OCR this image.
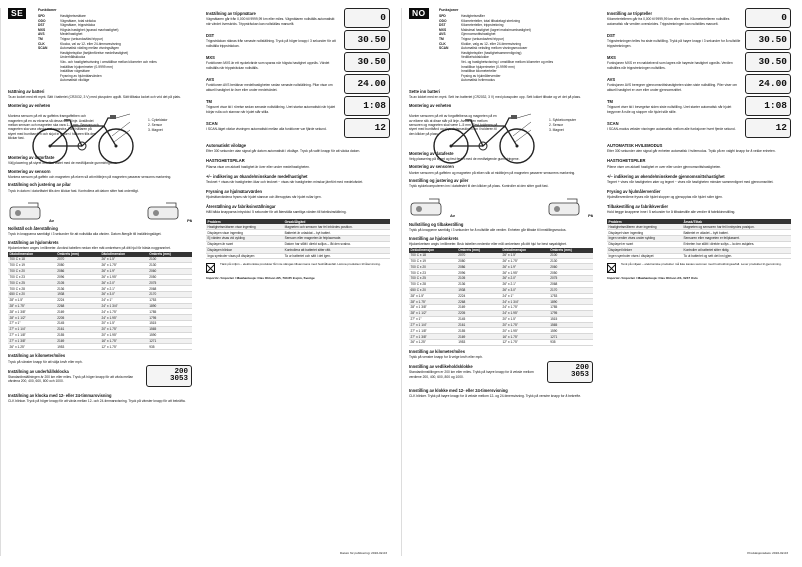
SE	Funktioner
SPD	Hastighetsmätare
ODO	Vägmätare, total sträcka
DST	Vägmätare, trippsträcka
MXS	Högsta hastighet (sparad maxhastighet)
AVS	Medelhastighet
TM	Trippur (sekundavläst trippur)
CLK	Klocka, val av 12- eller 24-timmarsvisning
SCAN	Automatisk växling mellan visningslägen
Hastighetspilar (fartjämförelse medelhastighet)
Underhållsklocka
Väx- och hastighetsvisning i omställbar mellan kilometer och miles
Inställbar hjulperimeter (0-9999 mm)
Inställbar vägmätare
Frysning av hjulmätarvärden
Automatiskt viloläge
Isättning av batteri

Ta av locket med ett mynt. Sätt i batteriet (CR2032, 3 V) med pluspolen uppåt. Sätt tillbaka locket och vrid det på plats.

Montering av enheten
1. Cykeldator
2. Sensor
3. Magnet

Montera sensorn på ett av gaffelns framgaffelben och magneten på en av ekrarna så dessa står i linje. Avståndet mellan sensorn och magneten ska vara 1–5 mm. Sensorn och magneten ska vara vända mot varandra. Fäst hållaren på styret med buntbanden och skjut in datorn i hållaren tills den klickar fast.

Montering av datorfäste

Välj placering på styret och fäst fästet med de medföljande gummiringarna.

Montering av sensorn

Montera sensorn på gaffeln och magneten på ekern så att mittlinjen på magneten passerar sensorns markering.

Inställning och justering av pilar

Tryck in datorn i datorfästet tills den klickar fast. Kontrollera att datorn sitter fast ordentligt.

Av	På
Nollställ och återställning

Tryck in knapparna samtidigt i 3 sekunder för att nollställa alla värden. Datorn återgår till inställningsläget.

Inställning av hjulomkrets

Hjulomkretsen anges i millimeter. Använd tabellen nedan eller mät omkretsen på ditt hjul för bästa noggrannhet.

Däckdimension	Omkrets (mm)	Däckdimension	Omkrets (mm)
700 C x 18	2070	26" x 1.5"	2100
700 C x 19	2080	26" x 1.75"	2130
700 C x 20	2086	26" x 1.9"	2060
700 C x 23	2096	26" x 1.95"	2050
700 C x 25	2105	26" x 2.0"	2075
700 C x 28	2136	26" x 2.1"	2068
650 C x 20	1938	26" x 3.0"	2170
28" x 1.5"	2224	24" x 1"	1753
28" x 1.75"	2268	24" x 1 3/4"	1890
28" x 1 3/8"	2169	24" x 1.75"	1785
28" x 1 1/2"	2205	24" x 1.95"	1795
27" x 1"	2145	20" x 1.5"	1515
27" x 1 1/4"	2161	20" x 1.75"	1565
27" x 1 1/8"	2155	20" x 1.95"	1590
27" x 1 3/8"	2169	16" x 1.75"	1271
26" x 1.25"	1953	12" x 1.75"	935
Inställning av kilometer/miles

Tryck på vänster knapp för att välja km/h eller mph.

200
3053
Inställning av underhållsklocka

Standardinställningen är 200 km eller miles. Tryck på höger knapp för att växla mellan värdena 200, 400, 600, 800 och 1000.

Inställning av klocka med 12- eller 24-timmarsvisning

CLK blinkar. Tryck på höger knapp för att växla mellan 12- och 24-timmarsvisning. Tryck på vänster knapp för att bekräfta.

0
Inställning av trippmätare

Vägmätaren går från 0,000 till 9999,99 km eller miles. Vägmätaren nollställs automatiskt när värdet överskrids. Trippsträckan kan nollställas manuellt.

30.50
DST

Trippsträckan räknas från senaste nollställning. Tryck på höger knapp i 3 sekunder för att nollställa trippsträckan.

30.50
MXS

Funktionen MXS är ett nyckelvärde som sparas när högsta hastighet uppnås. Värdet nollställs när trippsträckan nollställs.

24.00
AVS

Funktionen AVS beräknar medelhastigheten sedan senaste nollställning. Pilar visar om aktuell hastighet är över eller under medelvärdet.

1:08
TM

Trippuret visar tid i rörelse sedan senaste nollställning. Uret startar automatiskt när hjulet börjar rulla och stannar när hjulet står stilla.

12
SCAN

I SCAN-läget växlar visningen automatiskt mellan alla funktioner var fjärde sekund.

Automatiskt viloläge

Efter 300 sekunder utan signal går datorn automatiskt i viloläge. Tryck på valfri knapp för att väcka datorn.

HASTIGHETSPILAR

Pilarna visar om aktuell hastighet är över eller under medelhastigheten.

+/− indikering av ökande/minskande medelhastighet

Tecknet + visas när hastigheten ökar och tecknet − visas när hastigheten minskar jämfört med medelvärdet.

Frysning av hjulmätarvärden

Hjulmätarvärdena fryses när hjulet stannar och återupptas när hjulet rullar igen.

Återställning av fabriksinställningar

Håll båda knapparna intryckta i 5 sekunder för att återställa samtliga värden till fabriksinställning.

Problem	Orsak/Åtgärd
Hastighetsmätaren visar ingenting	Magneten och sensorn har fel inbördes position.
Displayen visar ingenting	Batteriet är urladdat – byt batteri.
Ej värden visas vid cykling	Sensorn eller magneten är felplacerade.
Displayen är svart	Datorn har stått i direkt solljus – låt den svalna.
Displayen blinkar	Kontrollera att batteriet sitter rätt.
Inga symboler visas på displayen	Ta ur batteriet och sätt i det igen.
Tänk på miljön – elektroniska produkter får inte slängas tillsammans med hushållsavfall. Lämna produkten till återvinning.

Importör / Importør / Maahantuoja: Clas Ohlson AB, 793 85 Insjön, Sverige

Datum för publicering: 2016-02-03
NO	Funksjoner
SPD	Hastighetsmåler
ODO	Kilometerteller, total tilbakelagt strekning
DST	Kilometerteller, trippstrekning
MXS	Maksimal hastighet (lagret maksimumhastighet)
AVS	Gjennomsnittshastighet
TM	Trippur (sekundavlest trippur)
CLK	Klokke, valg av 12- eller 24-timersvisning
SCAN	Automatisk veksling mellom visningsmoduser
Hastighetspiler (hastighetsammenligning)
Vedlikeholdsklokke
Vei- og hastighetsvisning i omstillbar mellom kilometer og miles
Innstillbar hjulperimeter (0-9999 mm)
Innstillbar kilometerteller
Frysing av hjulmålerverdier
Automatisk hvilemodus
Sette inn batteri

Ta av lokket med en mynt. Sett inn batteriet (CR2032, 3 V) med plusspolen opp. Sett lokket tilbake og vri det på plass.

Montering av enheten
1. Sykkelcomputer
2. Sensor
3. Magnet

Monter sensoren på ett av forgaffelbena og magneten på en av eikene slik at disse står på linje. Avstanden mellom sensoren og magneten skal være 1–5 mm. Fest holderen på styret med buntbånd og skyv datamaskinen inn i holderen til den klikker på plass.

Montering av datafeste

Velg plassering på styret og fest festet med de medfølgende gummiringene.

Montering av sensoren

Monter sensoren på gaffelen og magneten på eiken slik at midtlinjen på magneten passerer sensorens markering.

Innstilling og justering av piler

Trykk sykkelcomputeren inn i datafestet til den klikker på plass. Kontroller at den sitter godt fast.

Av	På
Nullstilling og tilbakestilling

Trykk på knappene samtidig i 3 sekunder for å nullstille alle verdier. Enheten går tilbake til innstillingsmodus.

Innstilling av hjulomkrets

Hjulomkretsen angis i millimeter. Bruk tabellen nedenfor eller mål omkretsen på ditt hjul for best nøyaktighet.

Dekkdimensjon	Omkrets (mm)	Dekkdimensjon	Omkrets (mm)
700 C x 18	2070	26" x 1.5"	2100
700 C x 19	2080	26" x 1.75"	2130
700 C x 20	2086	26" x 1.9"	2060
700 C x 23	2096	26" x 1.95"	2050
700 C x 25	2105	26" x 2.0"	2075
700 C x 28	2136	26" x 2.1"	2068
650 C x 20	1938	26" x 3.0"	2170
28" x 1.5"	2224	24" x 1"	1753
28" x 1.75"	2268	24" x 1 3/4"	1890
28" x 1 3/8"	2169	24" x 1.75"	1785
28" x 1 1/2"	2205	24" x 1.95"	1795
27" x 1"	2145	20" x 1.5"	1515
27" x 1 1/4"	2161	20" x 1.75"	1565
27" x 1 1/8"	2155	20" x 1.95"	1590
27" x 1 3/8"	2169	16" x 1.75"	1271
26" x 1.25"	1953	12" x 1.75"	935
Innstilling av kilometer/miles

Trykk på venstre knapp for å velge km/h eller mph.

200
3053
Innstilling av vedlikeholdsklokke

Standardinnstillingen er 200 km eller miles. Trykk på høyre knapp for å veksle mellom verdiene 200, 400, 600, 800 og 1000.

Innstilling av klokke med 12- eller 24-timersvisning

CLK blinker. Trykk på høyre knapp for å veksle mellom 12- og 24-timersvisning. Trykk på venstre knapp for å bekrefte.

0
Innstilling av trippteller

Kilometertelleren går fra 0,000 til 9999,99 km eller miles. Kilometertelleren nullstilles automatisk når verdien overskrides. Trippstrekningen kan nullstilles manuelt.

30.50
DST

Trippstrekningen telles fra siste nullstilling. Trykk på høyre knapp i 3 sekunder for å nullstille trippstrekningen.

30.50
MXS

Funksjonen MXS er en nøkkelverdi som lagres når høyeste hastighet oppnås. Verdien nullstilles når trippstrekningen nullstilles.

24.00
AVS

Funksjonen AVS beregner gjennomsnittshastigheten siden siste nullstilling. Piler viser om aktuell hastighet er over eller under gjennomsnittet.

1:08
TM

Trippuret viser tid i bevegelse siden siste nullstilling. Uret starter automatisk når hjulet begynner å rulle og stopper når hjulet står stille.

12
SCAN

I SCAN-modus veksler visningen automatisk mellom alle funksjoner hvert fjerde sekund.

AUTOMATISK HVILEMODUS

Etter 300 sekunder uten signal går enheten automatisk i hvilemodus. Trykk på en valgfri knapp for å vekke enheten.

HASTIGHETSPILER

Pilene viser om aktuell hastighet er over eller under gjennomsnittshastigheten.

+/− indikering av økende/minskende gjennomsnittshastighet

Tegnet + vises når hastigheten øker og tegnet − vises når hastigheten minsker sammenlignet med gjennomsnittet.

Frysing av hjulmålerverdier

Hjulmålerverdiene fryses når hjulet stopper og gjenopptas når hjulet ruller igjen.

Tilbakestilling av fabrikkverdier

Hold begge knappene inne i 5 sekunder for å tilbakestille alle verdier til fabrikkinnstilling.

Problem	Årsak/Tiltak
Hastighetsmåleren viser ingenting	Magneten og sensoren har feil innbyrdes posisjon.
Displayet viser ingenting	Batteriet er utladet – bytt batteri.
Ingen verdier vises under sykling	Sensoren eller magneten er feilplassert.
Displayet er svart	Enheten har stått i direkte sollys – la den avkjøles.
Displayet blinker	Kontroller at batteriet sitter riktig.
Ingen symboler vises i displayet	Ta ut batteriet og sett det inn igjen.
Tenk på miljøet – elektroniske produkter må ikke kastes sammen med husholdningsavfall. Lever produktet til gjenvinning.

Importør / Importør / Maahantuoja: Clas Ohlson AS, 0247 Oslo

Produksjonsdato: 2016-02-03
